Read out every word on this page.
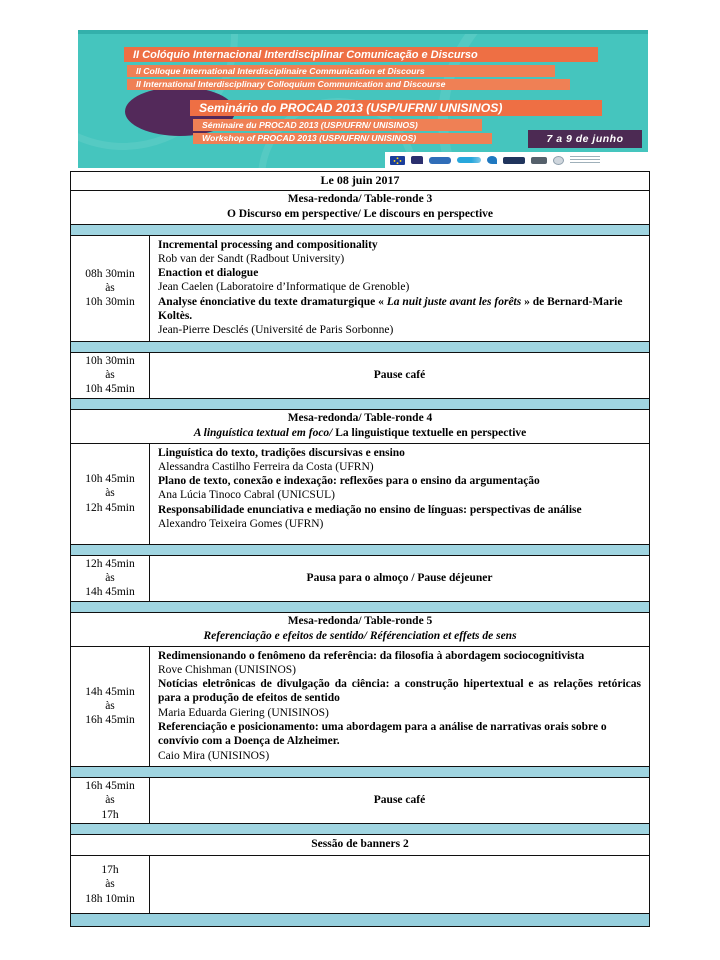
II Colóquio Internacional Interdisciplinar Comunicação e Discurso
II Colloque International Interdisciplinaire Communication et Discours
II International Interdisciplinary Colloquium Communication and Discourse
Seminário do PROCAD 2013 (USP/UFRN/ UNISINOS)
Séminaire du PROCAD 2013 (USP/UFRN/ UNISINOS)
Workshop of PROCAD 2013 (USP/UFRN/ UNISINOS)	7 a 9 de junho
Le 08 juin 2017
Mesa-redonda/ Table-ronde 3
O Discurso em perspective/ Le discours en perspective
08h 30min
às
10h 30min
Incremental processing and compositionality
Rob van der Sandt (Radbout University)
Enaction et dialogue
Jean Caelen (Laboratoire d’Informatique de Grenoble)
Analyse énonciative du texte dramaturgique « La nuit juste avant les forêts » de Bernard-Marie Koltès.
Jean-Pierre Desclés (Université de Paris Sorbonne)
10h 30min
às
10h 45min
Pause café
Mesa-redonda/ Table-ronde 4
A linguística textual em foco/ La linguistique textuelle en perspective
10h 45min
às
12h 45min
Linguística do texto, tradições discursivas e ensino
Alessandra Castilho Ferreira da Costa (UFRN)
Plano de texto, conexão e indexação: reflexões para o ensino da argumentação
Ana Lúcia Tinoco Cabral (UNICSUL)
Responsabilidade enunciativa e mediação no ensino de línguas: perspectivas de análise
Alexandro Teixeira Gomes (UFRN)
12h 45min
às
14h 45min
Pausa para o almoço / Pause déjeuner
Mesa-redonda/ Table-ronde 5
Referenciação e efeitos de sentido/ Référenciation et effets de sens
14h 45min
às
16h 45min
Redimensionando o fenômeno da referência: da filosofia à abordagem sociocognitivista
Rove Chishman (UNISINOS)
Notícias eletrônicas de divulgação da ciência: a construção hipertextual e as relações retóricas para a produção de efeitos de sentido
Maria Eduarda Giering (UNISINOS)
Referenciação e posicionamento: uma abordagem para a análise de narrativas orais sobre o convívio com a Doença de Alzheimer.
Caio Mira (UNISINOS)
16h 45min
às
17h
Pause café
Sessão de banners 2
17h
às
18h 10min
